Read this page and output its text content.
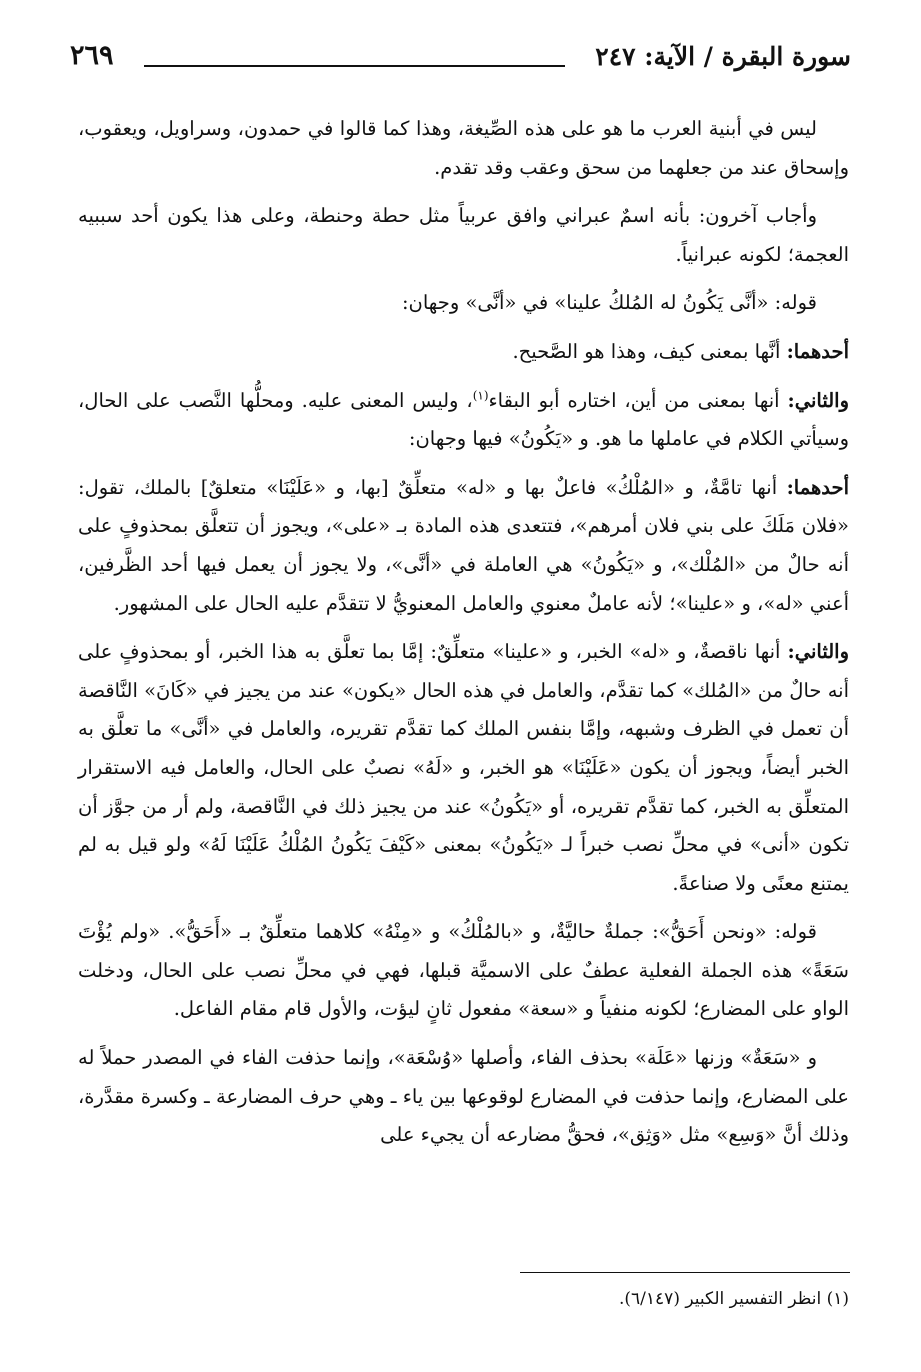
سورة البقرة / الآية: ٢٤٧
٢٦٩

ليس في أبنية العرب ما هو على هذه الصِّيغة، وهذا كما قالوا في حمدون، وسراويل، ويعقوب، وإسحاق عند من جعلهما من سحق وعقب وقد تقدم.

وأجاب آخرون: بأنه اسمٌ عبراني وافق عربياً مثل حطة وحنطة، وعلى هذا يكون أحد سببيه العجمة؛ لكونه عبرانياً.

قوله: «أنَّى يَكُونُ له المُلكُ علينا» في «أنَّى» وجهان:

أحدهما: أنَّها بمعنى كيف، وهذا هو الصَّحيح.

والثاني: أنها بمعنى من أين، اختاره أبو البقاء$^{(١)}$، وليس المعنى عليه. ومحلُّها النَّصب على الحال، وسيأتي الكلام في عاملها ما هو. و «يَكُونُ» فيها وجهان:

أحدهما: أنها تامَّةٌ، و «المُلْكُ» فاعلٌ بها و «له» متعلِّقٌ [بها، و «عَلَيْنَا» متعلقٌ] بالملك، تقول: «فلان مَلَكَ على بني فلان أمرهم»، فتتعدى هذه المادة بـ «على»، ويجوز أن تتعلَّق بمحذوفٍ على أنه حالٌ من «المُلْك»، و «يَكُونُ» هي العاملة في «أنَّى»، ولا يجوز أن يعمل فيها أحد الظَّرفين، أعني «له»، و «علينا»؛ لأنه عاملٌ معنوي والعامل المعنويُّ لا تتقدَّم عليه الحال على المشهور.

والثاني: أنها ناقصةٌ، و «له» الخبر، و «علينا» متعلِّقٌ: إمَّا بما تعلَّق به هذا الخبر، أو بمحذوفٍ على أنه حالٌ من «المُلك» كما تقدَّم، والعامل في هذه الحال «يكون» عند من يجيز في «كَانَ» النَّاقصة أن تعمل في الظرف وشبهه، وإمَّا بنفس الملك كما تقدَّم تقريره، والعامل في «أنَّى» ما تعلَّق به الخبر أيضاً، ويجوز أن يكون «عَلَيْنَا» هو الخبر، و «لَهُ» نصبٌ على الحال، والعامل فيه الاستقرار المتعلِّق به الخبر، كما تقدَّم تقريره، أو «يَكُونُ» عند من يجيز ذلك في النَّاقصة، ولم أر من جوَّز أن تكون «أنى» في محلِّ نصب خبراً لـ «يَكُونُ» بمعنى «كَيْفَ يَكُونُ المُلْكُ عَلَيْنَا لَهُ» ولو قيل به لم يمتنع معنًى ولا صناعةً.

قوله: «ونحن أَحَقُّ»: جملةٌ حاليَّةٌ، و «بالمُلْكُ» و «مِنْهُ» كلاهما متعلِّقٌ بـ «أَحَقُّ». «ولم يُؤْتَ سَعَةً» هذه الجملة الفعلية عطفٌ على الاسميَّة قبلها، فهي في محلِّ نصب على الحال، ودخلت الواو على المضارع؛ لكونه منفياً و «سعة» مفعول ثانٍ ليؤت، والأول قام مقام الفاعل.

و «سَعَةٌ» وزنها «عَلَة» بحذف الفاء، وأصلها «وُسْعَة»، وإنما حذفت الفاء في المصدر حملاً له على المضارع، وإنما حذفت في المضارع لوقوعها بين ياء ـ وهي حرف المضارعة ـ وكسرة مقدَّرة، وذلك أنَّ «وَسِع» مثل «وَثِق»، فحقُّ مضارعه أن يجيء على

(١) انظر التفسير الكبير (٦/١٤٧).
